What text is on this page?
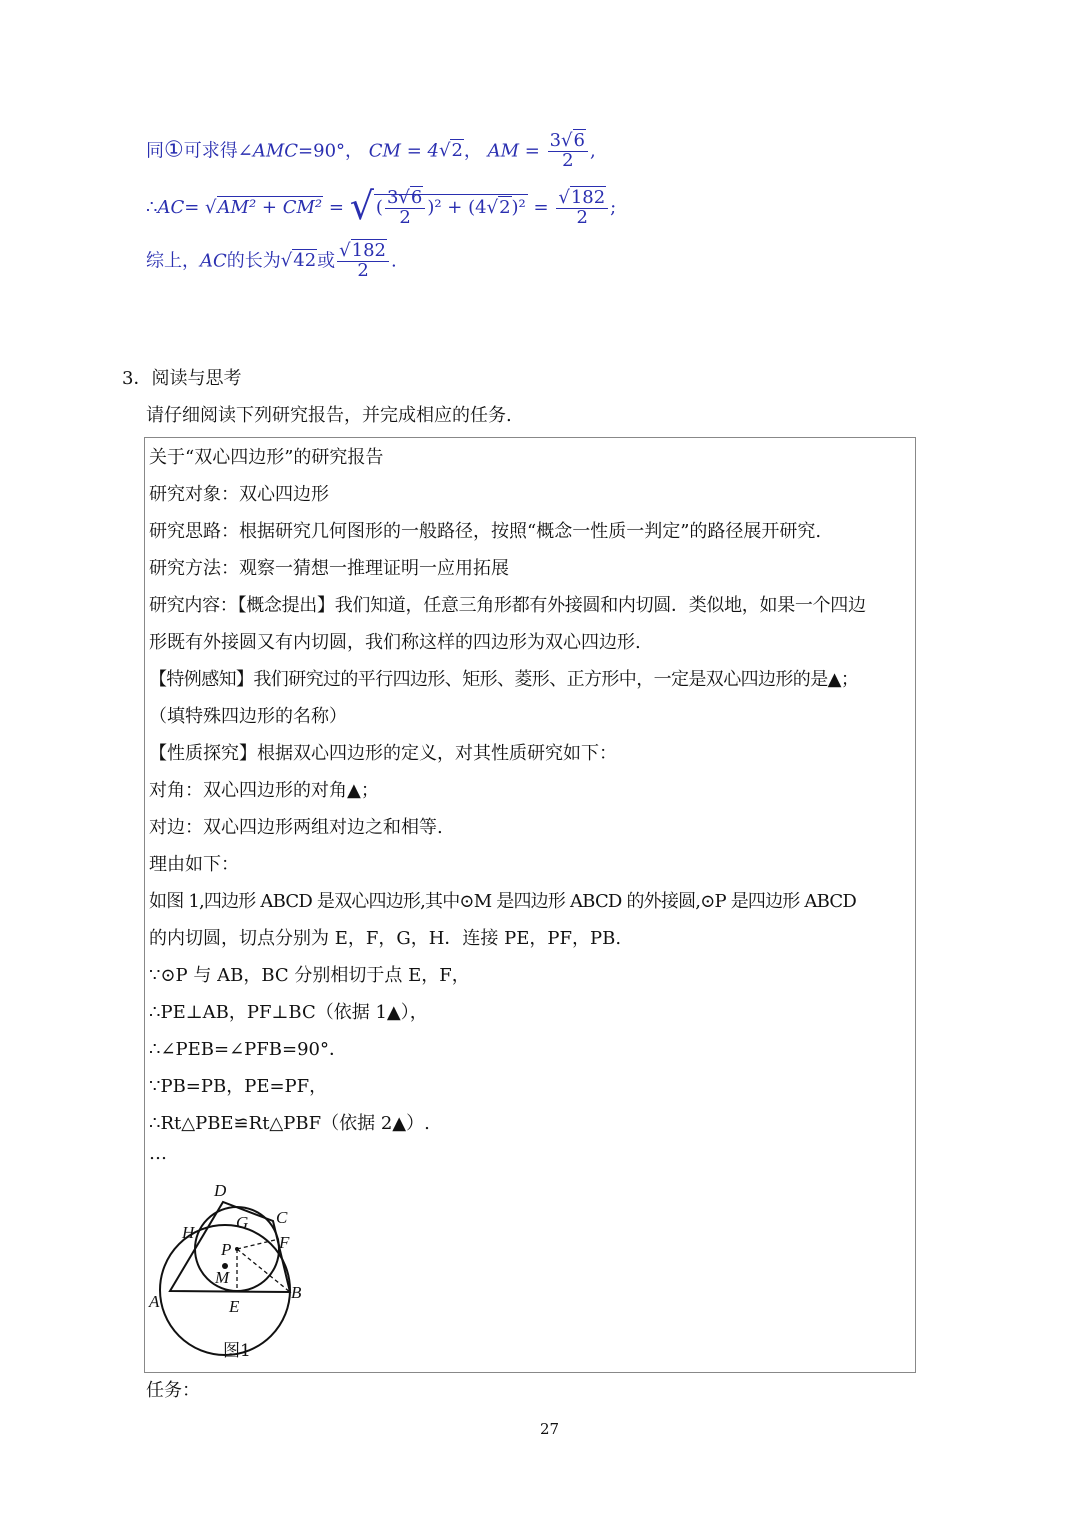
同①可求得∠AMC=90°， CM = 4√2， AM = $\frac{3√6}{2}$ ,
∴AC= √AM² + CM² = √ ( $\frac{3√6}{2} )^2 + (4√2)^2 = \frac{√182}{2}$ ;
综上，AC的长为√42或 $\frac{√182}{2}$ .
3．阅读与思考
请仔细阅读下列研究报告，并完成相应的任务.
关于“双心四边形”的研究报告
研究对象：双心四边形
研究思路：根据研究几何图形的一般路径，按照“概念一性质一判定”的路径展开研究.
研究方法：观察一猜想一推理证明一应用拓展
研究内容：【概念提出】我们知道，任意三角形都有外接圆和内切圆．类似地，如果一个四边
形既有外接圆又有内切圆，我们称这样的四边形为双心四边形.
【特例感知】我们研究过的平行四边形、矩形、菱形、正方形中，一定是双心四边形的是▲；
（填特殊四边形的名称）
【性质探究】根据双心四边形的定义，对其性质研究如下：
对角：双心四边形的对角▲；
对边：双心四边形两组对边之和相等.
理由如下：
如图 1,四边形 ABCD 是双心四边形,其中⊙M 是四边形 ABCD 的外接圆,⊙P 是四边形 ABCD
的内切圆，切点分别为 E，F，G，H．连接 PE，PF，PB.
∵⊙P 与 AB，BC 分别相切于点 E，F，
∴PE⊥AB，PF⊥BC（依据 1▲），
∴∠PEB=∠PFB=90°．
∵PB=PB，PE=PF，
∴Rt△PBE≌Rt△PBF（依据 2▲）.
…
A	B
C
D
E
F
G
H
P
M
图1
任务：
27
